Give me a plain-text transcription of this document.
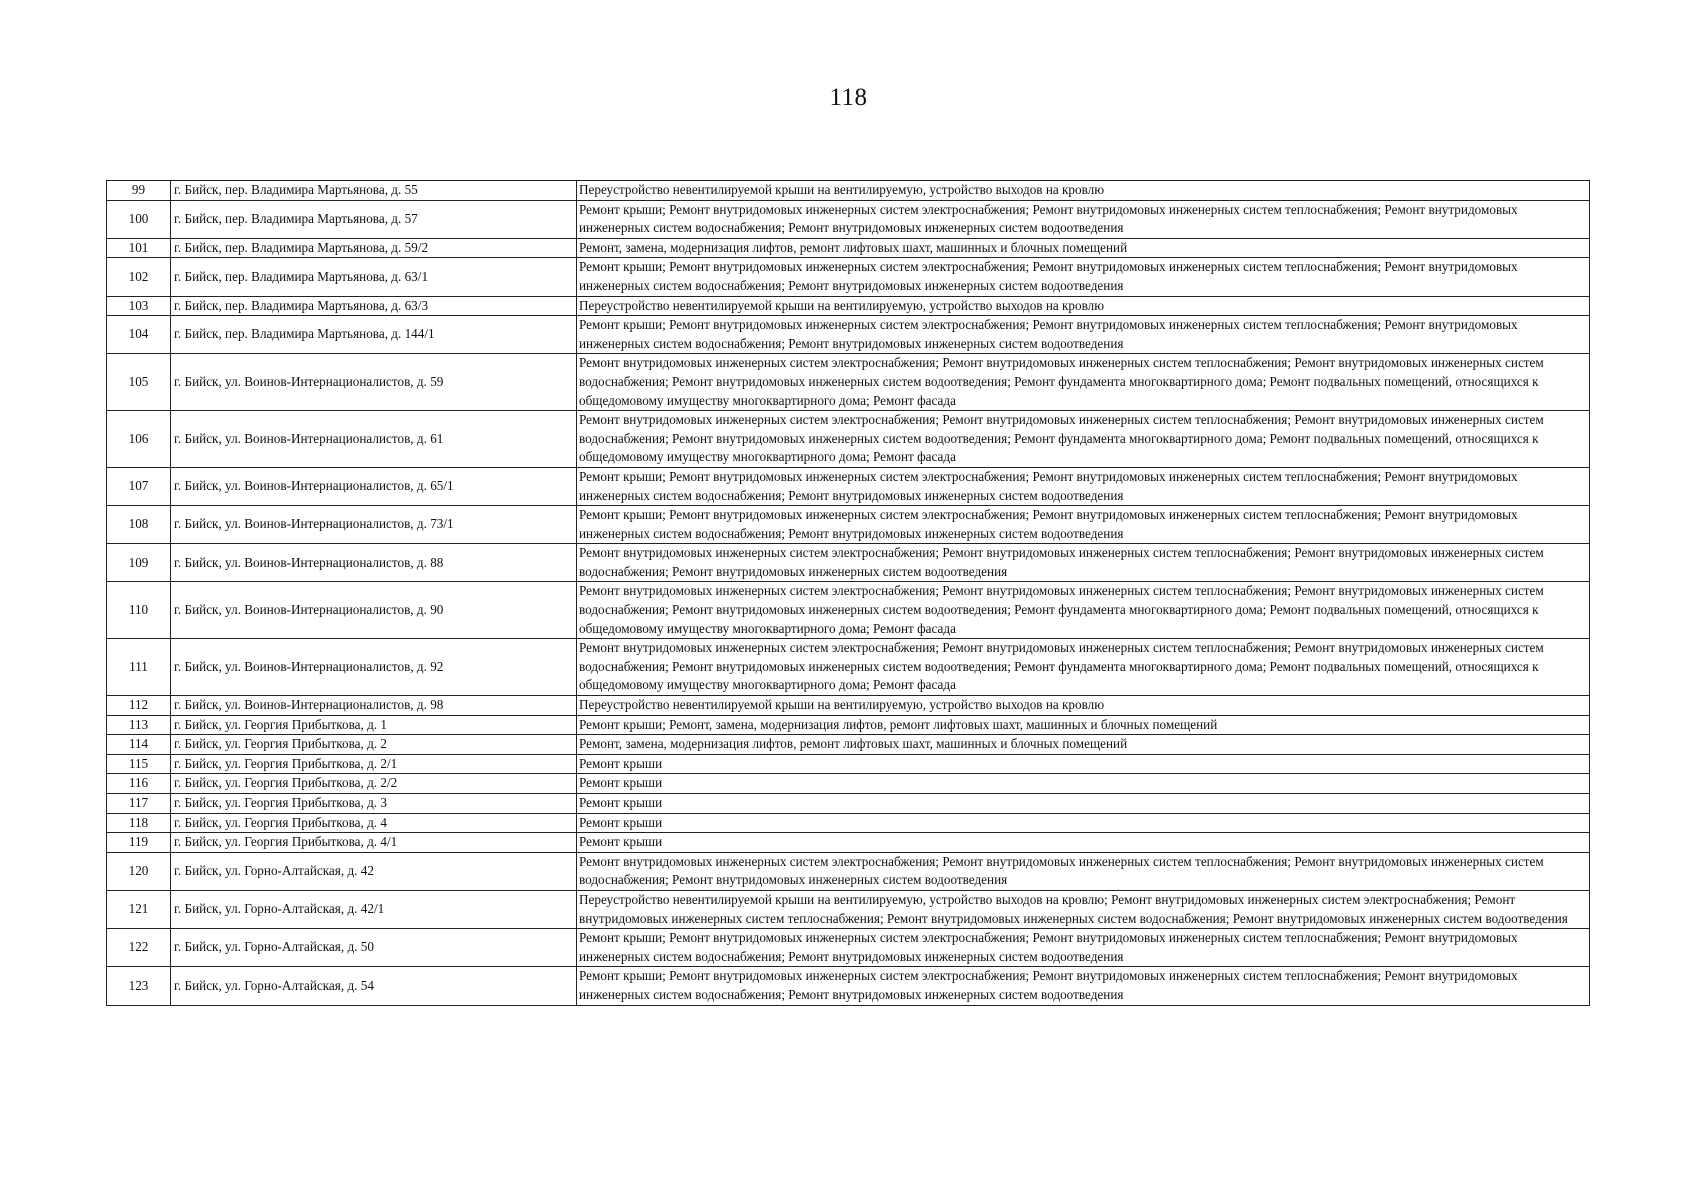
118
99	г. Бийск, пер. Владимира Мартьянова, д. 55	Переустройство невентилируемой крыши на вентилируемую, устройство выходов на кровлю
100	г. Бийск, пер. Владимира Мартьянова, д. 57	Ремонт крыши; Ремонт внутридомовых инженерных систем электроснабжения; Ремонт внутридомовых инженерных систем теплоснабжения; Ремонт внутридомовых инженерных систем водоснабжения; Ремонт внутридомовых инженерных систем водоотведения
101	г. Бийск, пер. Владимира Мартьянова, д. 59/2	Ремонт, замена, модернизация лифтов, ремонт лифтовых шахт, машинных и блочных помещений
102	г. Бийск, пер. Владимира Мартьянова, д. 63/1	Ремонт крыши; Ремонт внутридомовых инженерных систем электроснабжения; Ремонт внутридомовых инженерных систем теплоснабжения; Ремонт внутридомовых инженерных систем водоснабжения; Ремонт внутридомовых инженерных систем водоотведения
103	г. Бийск, пер. Владимира Мартьянова, д. 63/3	Переустройство невентилируемой крыши на вентилируемую, устройство выходов на кровлю
104	г. Бийск, пер. Владимира Мартьянова, д. 144/1	Ремонт крыши; Ремонт внутридомовых инженерных систем электроснабжения; Ремонт внутридомовых инженерных систем теплоснабжения; Ремонт внутридомовых инженерных систем водоснабжения; Ремонт внутридомовых инженерных систем водоотведения
105	г. Бийск, ул. Воинов-Интернационалистов, д. 59	Ремонт внутридомовых инженерных систем электроснабжения; Ремонт внутридомовых инженерных систем теплоснабжения; Ремонт внутридомовых инженерных систем водоснабжения; Ремонт внутридомовых инженерных систем водоотведения; Ремонт фундамента многоквартирного дома; Ремонт подвальных помещений, относящихся к общедомовому имуществу многоквартирного дома; Ремонт фасада
106	г. Бийск, ул. Воинов-Интернационалистов, д. 61	Ремонт внутридомовых инженерных систем электроснабжения; Ремонт внутридомовых инженерных систем теплоснабжения; Ремонт внутридомовых инженерных систем водоснабжения; Ремонт внутридомовых инженерных систем водоотведения; Ремонт фундамента многоквартирного дома; Ремонт подвальных помещений, относящихся к общедомовому имуществу многоквартирного дома; Ремонт фасада
107	г. Бийск, ул. Воинов-Интернационалистов, д. 65/1	Ремонт крыши; Ремонт внутридомовых инженерных систем электроснабжения; Ремонт внутридомовых инженерных систем теплоснабжения; Ремонт внутридомовых инженерных систем водоснабжения; Ремонт внутридомовых инженерных систем водоотведения
108	г. Бийск, ул. Воинов-Интернационалистов, д. 73/1	Ремонт крыши; Ремонт внутридомовых инженерных систем электроснабжения; Ремонт внутридомовых инженерных систем теплоснабжения; Ремонт внутридомовых инженерных систем водоснабжения; Ремонт внутридомовых инженерных систем водоотведения
109	г. Бийск, ул. Воинов-Интернационалистов, д. 88	Ремонт внутридомовых инженерных систем электроснабжения; Ремонт внутридомовых инженерных систем теплоснабжения; Ремонт внутридомовых инженерных систем водоснабжения; Ремонт внутридомовых инженерных систем водоотведения
110	г. Бийск, ул. Воинов-Интернационалистов, д. 90	Ремонт внутридомовых инженерных систем электроснабжения; Ремонт внутридомовых инженерных систем теплоснабжения; Ремонт внутридомовых инженерных систем водоснабжения; Ремонт внутридомовых инженерных систем водоотведения; Ремонт фундамента многоквартирного дома; Ремонт подвальных помещений, относящихся к общедомовому имуществу многоквартирного дома; Ремонт фасада
111	г. Бийск, ул. Воинов-Интернационалистов, д. 92	Ремонт внутридомовых инженерных систем электроснабжения; Ремонт внутридомовых инженерных систем теплоснабжения; Ремонт внутридомовых инженерных систем водоснабжения; Ремонт внутридомовых инженерных систем водоотведения; Ремонт фундамента многоквартирного дома; Ремонт подвальных помещений, относящихся к общедомовому имуществу многоквартирного дома; Ремонт фасада
112	г. Бийск, ул. Воинов-Интернационалистов, д. 98	Переустройство невентилируемой крыши на вентилируемую, устройство выходов на кровлю
113	г. Бийск, ул. Георгия Прибыткова, д. 1	Ремонт крыши; Ремонт, замена, модернизация лифтов, ремонт лифтовых шахт, машинных и блочных помещений
114	г. Бийск, ул. Георгия Прибыткова, д. 2	Ремонт, замена, модернизация лифтов, ремонт лифтовых шахт, машинных и блочных помещений
115	г. Бийск, ул. Георгия Прибыткова, д. 2/1	Ремонт крыши
116	г. Бийск, ул. Георгия Прибыткова, д. 2/2	Ремонт крыши
117	г. Бийск, ул. Георгия Прибыткова, д. 3	Ремонт крыши
118	г. Бийск, ул. Георгия Прибыткова, д. 4	Ремонт крыши
119	г. Бийск, ул. Георгия Прибыткова, д. 4/1	Ремонт крыши
120	г. Бийск, ул. Горно-Алтайская, д. 42	Ремонт внутридомовых инженерных систем электроснабжения; Ремонт внутридомовых инженерных систем теплоснабжения; Ремонт внутридомовых инженерных систем водоснабжения; Ремонт внутридомовых инженерных систем водоотведения
121	г. Бийск, ул. Горно-Алтайская, д. 42/1	Переустройство невентилируемой крыши на вентилируемую, устройство выходов на кровлю; Ремонт внутридомовых инженерных систем электроснабжения; Ремонт внутридомовых инженерных систем теплоснабжения; Ремонт внутридомовых инженерных систем водоснабжения; Ремонт внутридомовых инженерных систем водоотведения
122	г. Бийск, ул. Горно-Алтайская, д. 50	Ремонт крыши; Ремонт внутридомовых инженерных систем электроснабжения; Ремонт внутридомовых инженерных систем теплоснабжения; Ремонт внутридомовых инженерных систем водоснабжения; Ремонт внутридомовых инженерных систем водоотведения
123	г. Бийск, ул. Горно-Алтайская, д. 54	Ремонт крыши; Ремонт внутридомовых инженерных систем электроснабжения; Ремонт внутридомовых инженерных систем теплоснабжения; Ремонт внутридомовых инженерных систем водоснабжения; Ремонт внутридомовых инженерных систем водоотведения
